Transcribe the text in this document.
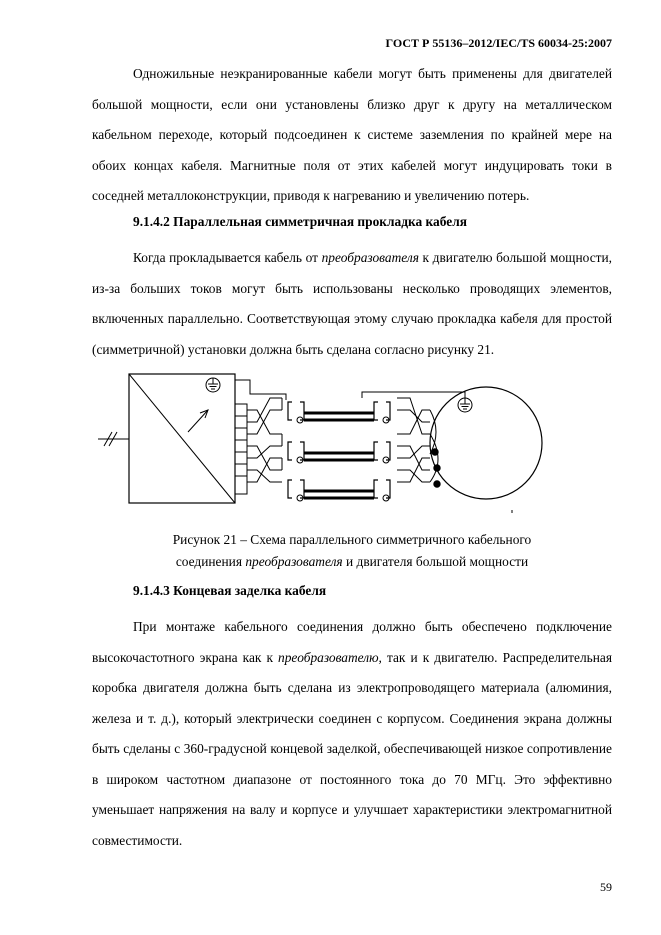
ГОСТ Р 55136–2012/IEC/TS 60034-25:2007

Одножильные неэкранированные кабели могут быть применены для двигателей большой мощности, если они установлены близко друг к другу на металлическом кабельном переходе, который подсоединен к системе заземления по крайней мере на обоих концах кабеля. Магнитные поля от этих кабелей могут индуцировать токи в соседней металлоконструкции, приводя к нагреванию и увеличению потерь.

9.1.4.2 Параллельная симметричная прокладка кабеля

Когда прокладывается кабель от преобразователя к двигателю большой мощности, из-за больших токов могут быть использованы несколько проводящих элементов, включенных параллельно. Соответствующая этому случаю прокладка кабеля для простой (симметричной) установки должна быть сделана согласно рисунку 21.

Рисунок 21 – Схема параллельного симметричного кабельного
соединения преобразователя и двигателя большой мощности

9.1.4.3 Концевая заделка кабеля

При монтаже кабельного соединения должно быть обеспечено подключение высокочастотного экрана как к преобразователю, так и к двигателю. Распределительная коробка двигателя должна быть сделана из электропроводящего материала (алюминия, железа и т. д.), который электрически соединен с корпусом. Соединения экрана должны быть сделаны с 360-градусной концевой заделкой, обеспечивающей низкое сопротивление в широком частотном диапазоне от постоянного тока до 70 МГц. Это эффективно уменьшает напряжения на валу и корпусе и улучшает характеристики электромагнитной совместимости.

59
